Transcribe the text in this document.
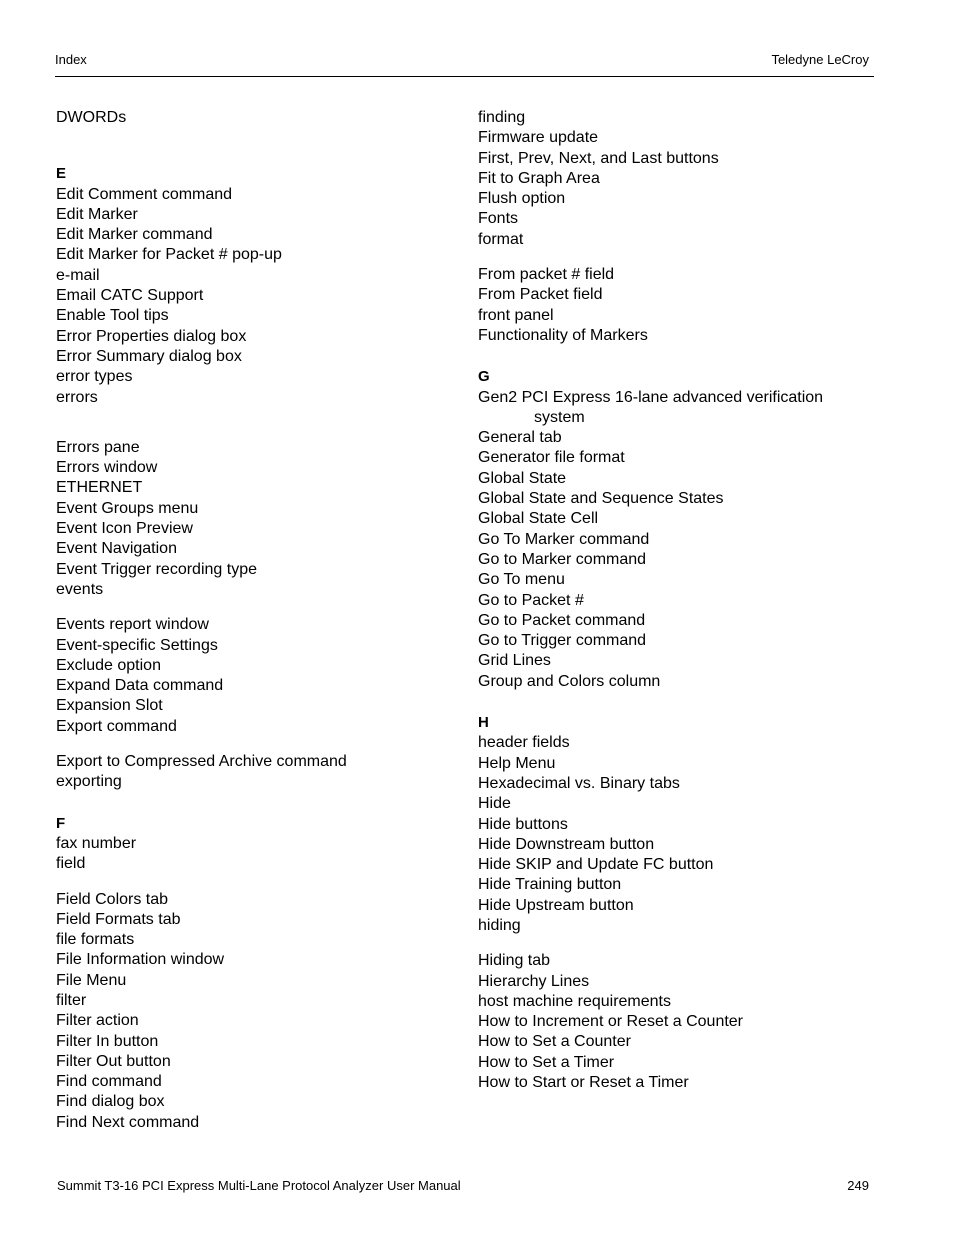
Index	Teledyne LeCroy
DWORDs
E
Edit Comment command
Edit Marker
Edit Marker command
Edit Marker for Packet # pop-up
e-mail
Email CATC Support
Enable Tool tips
Error Properties dialog box
Error Summary dialog box
error types
errors
Errors pane
Errors window
ETHERNET
Event Groups menu
Event Icon Preview
Event Navigation
Event Trigger recording type
events
Events report window
Event-specific Settings
Exclude option
Expand Data command
Expansion Slot
Export command
Export to Compressed Archive command
exporting
F
fax number
field
Field Colors tab
Field Formats tab
file formats
File Information window
File Menu
filter
Filter action
Filter In button
Filter Out button
Find command
Find dialog box
Find Next command
finding
Firmware update
First, Prev, Next, and Last buttons
Fit to Graph Area
Flush option
Fonts
format
From packet # field
From Packet field
front panel
Functionality of Markers
G
Gen2 PCI Express 16-lane advanced verification
system
General tab
Generator file format
Global State
Global State and Sequence States
Global State Cell
Go To Marker command
Go to Marker command
Go To menu
Go to Packet #
Go to Packet command
Go to Trigger command
Grid Lines
Group and Colors column
H
header fields
Help Menu
Hexadecimal vs. Binary tabs
Hide
Hide buttons
Hide Downstream button
Hide SKIP and Update FC button
Hide Training button
Hide Upstream button
hiding
Hiding tab
Hierarchy Lines
host machine requirements
How to Increment or Reset a Counter
How to Set a Counter
How to Set a Timer
How to Start or Reset a Timer
Summit T3-16 PCI Express Multi-Lane Protocol Analyzer User Manual	249
